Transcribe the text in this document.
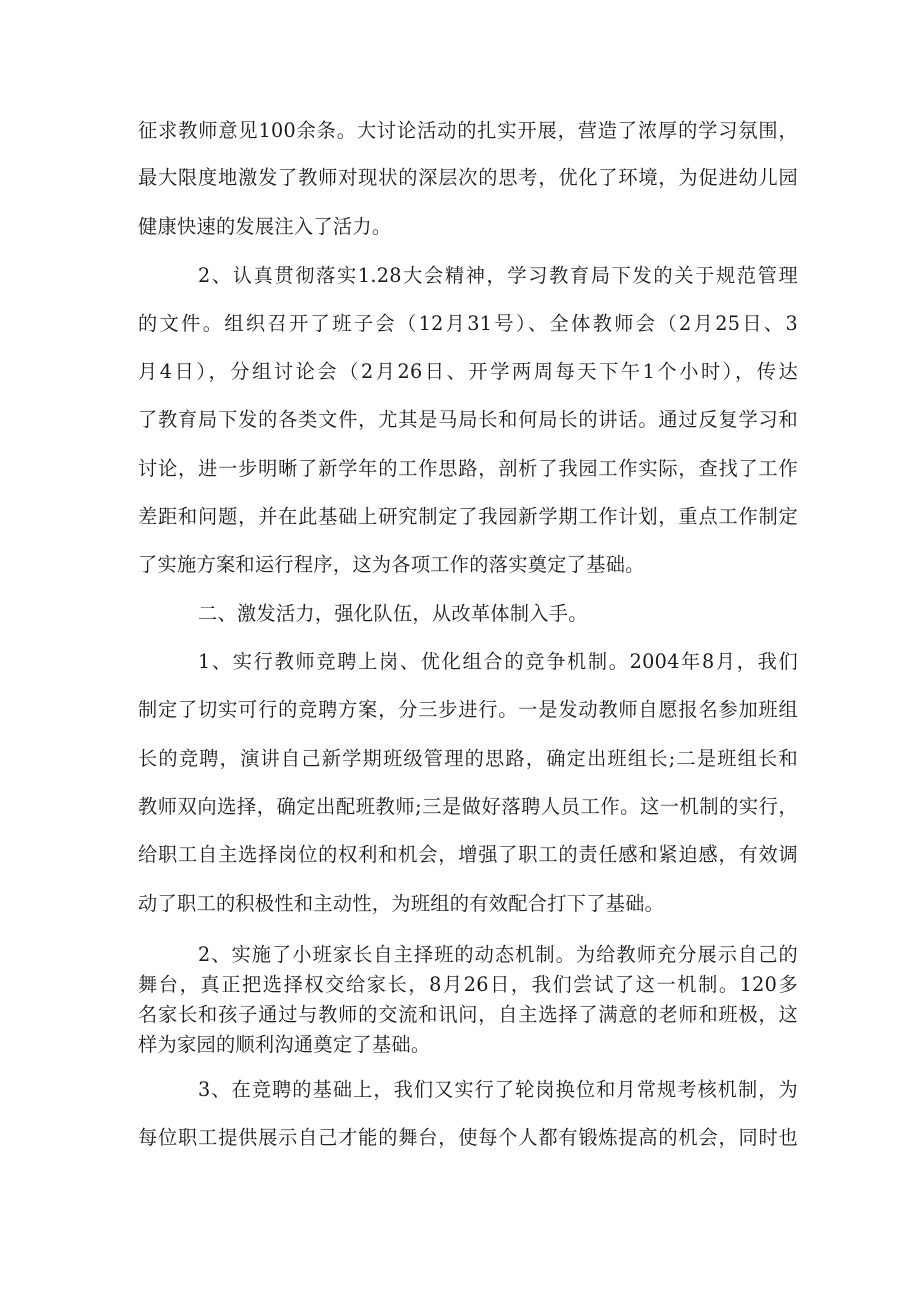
征求教师意见100余条。大讨论活动的扎实开展，营造了浓厚的学习氛围，
最大限度地激发了教师对现状的深层次的思考，优化了环境，为促进幼儿园
健康快速的发展注入了活力。
2、认真贯彻落实1.28大会精神，学习教育局下发的关于规范管理
的文件。组织召开了班子会（12月31号）、全体教师会（2月25日、3
月4日），分组讨论会（2月26日、开学两周每天下午1个小时），传达
了教育局下发的各类文件，尤其是马局长和何局长的讲话。通过反复学习和
讨论，进一步明晰了新学年的工作思路，剖析了我园工作实际，查找了工作
差距和问题，并在此基础上研究制定了我园新学期工作计划，重点工作制定
了实施方案和运行程序，这为各项工作的落实奠定了基础。
二、激发活力，强化队伍，从改革体制入手。
1、实行教师竞聘上岗、优化组合的竞争机制。2004年8月，我们
制定了切实可行的竞聘方案，分三步进行。一是发动教师自愿报名参加班组
长的竞聘，演讲自己新学期班级管理的思路，确定出班组长;二是班组长和
教师双向选择，确定出配班教师;三是做好落聘人员工作。这一机制的实行，
给职工自主选择岗位的权利和机会，增强了职工的责任感和紧迫感，有效调
动了职工的积极性和主动性，为班组的有效配合打下了基础。
2、实施了小班家长自主择班的动态机制。为给教师充分展示自己的
舞台，真正把选择权交给家长，8月26日，我们尝试了这一机制。120多
名家长和孩子通过与教师的交流和讯问，自主选择了满意的老师和班极，这
样为家园的顺利沟通奠定了基础。
3、在竞聘的基础上，我们又实行了轮岗换位和月常规考核机制，为
每位职工提供展示自己才能的舞台，使每个人都有锻炼提高的机会，同时也
